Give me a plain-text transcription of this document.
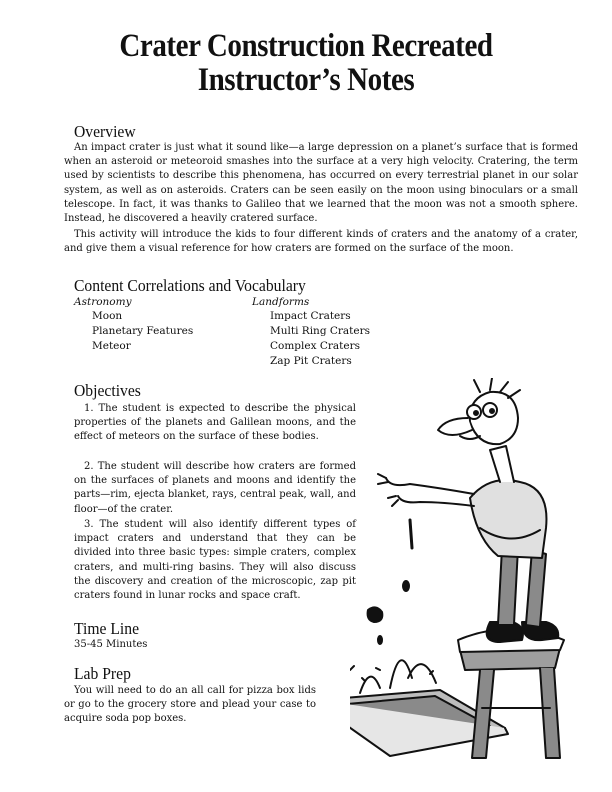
Crater Construction Recreated
Instructor’s Notes
Overview

An impact crater is just what it sound like—a large depression on a planet’s surface that is formed when an asteroid or meteoroid smashes into the surface at a very high velocity. Cratering, the term used by scientists to describe this phenomena, has occurred on every terrestrial planet in our solar system, as well as on asteroids. Craters can be seen easily on the moon using binoculars or a small telescope. In fact, it was thanks to Galileo that we learned that the moon was not a smooth sphere. Instead, he discovered a heavily cratered surface.

This activity will introduce the kids to four different kinds of craters and the anatomy of a crater, and give them a visual reference for how craters are formed on the surface of the moon.

Content Correlations and Vocabulary
Astronomy
Moon
Planetary Features
Meteor
Landforms
Impact Craters
Multi Ring Craters
Complex Craters
Zap Pit Craters
Objectives

1. The student is expected to describe the physical properties of the planets and Galilean moons, and the effect of meteors on the surface of these bodies.

2. The student will describe how craters are formed on the surfaces of planets and moons and identify the parts—rim, ejecta blanket, rays, central peak, wall, and floor—of the crater.

3. The student will also identify different types of impact craters and understand that they can be divided into three basic types: simple craters, complex craters, and multi-ring basins. They will also discuss the discovery and creation of the microscopic, zap pit craters found in lunar rocks and space craft.

Time Line
35-45 Minutes
Lab Prep

You will need to do an all call for pizza box lids or go to the grocery store and plead your case to acquire soda pop boxes.
